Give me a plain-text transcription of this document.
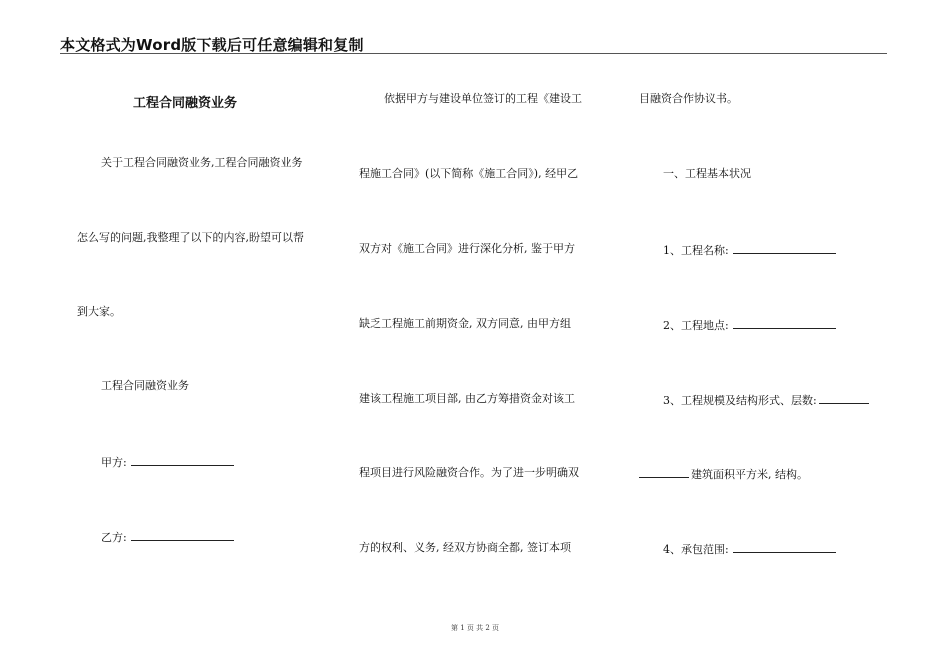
本文格式为Word版下载后可任意编辑和复制
工程合同融资业务
关于工程合同融资业务,工程合同融资业务
怎么写的问题,我整理了以下的内容,盼望可以帮
到大家。
工程合同融资业务
甲方:
乙方:
依据甲方与建设单位签订的工程《建设工
程施工合同》(以下简称《施工合同》), 经甲乙
双方对《施工合同》进行深化分析, 鉴于甲方
缺乏工程施工前期资金, 双方同意, 由甲方组
建该工程施工项目部, 由乙方筹措资金对该工
程项目进行风险融资合作。为了进一步明确双
方的权利、义务, 经双方协商全都, 签订本项
目融资合作协议书。
一、工程基本状况
1、工程名称:
2、工程地点:
3、工程规模及结构形式、层数:
建筑面积平方米, 结构。
4、承包范围:
第 1 页 共 2 页
